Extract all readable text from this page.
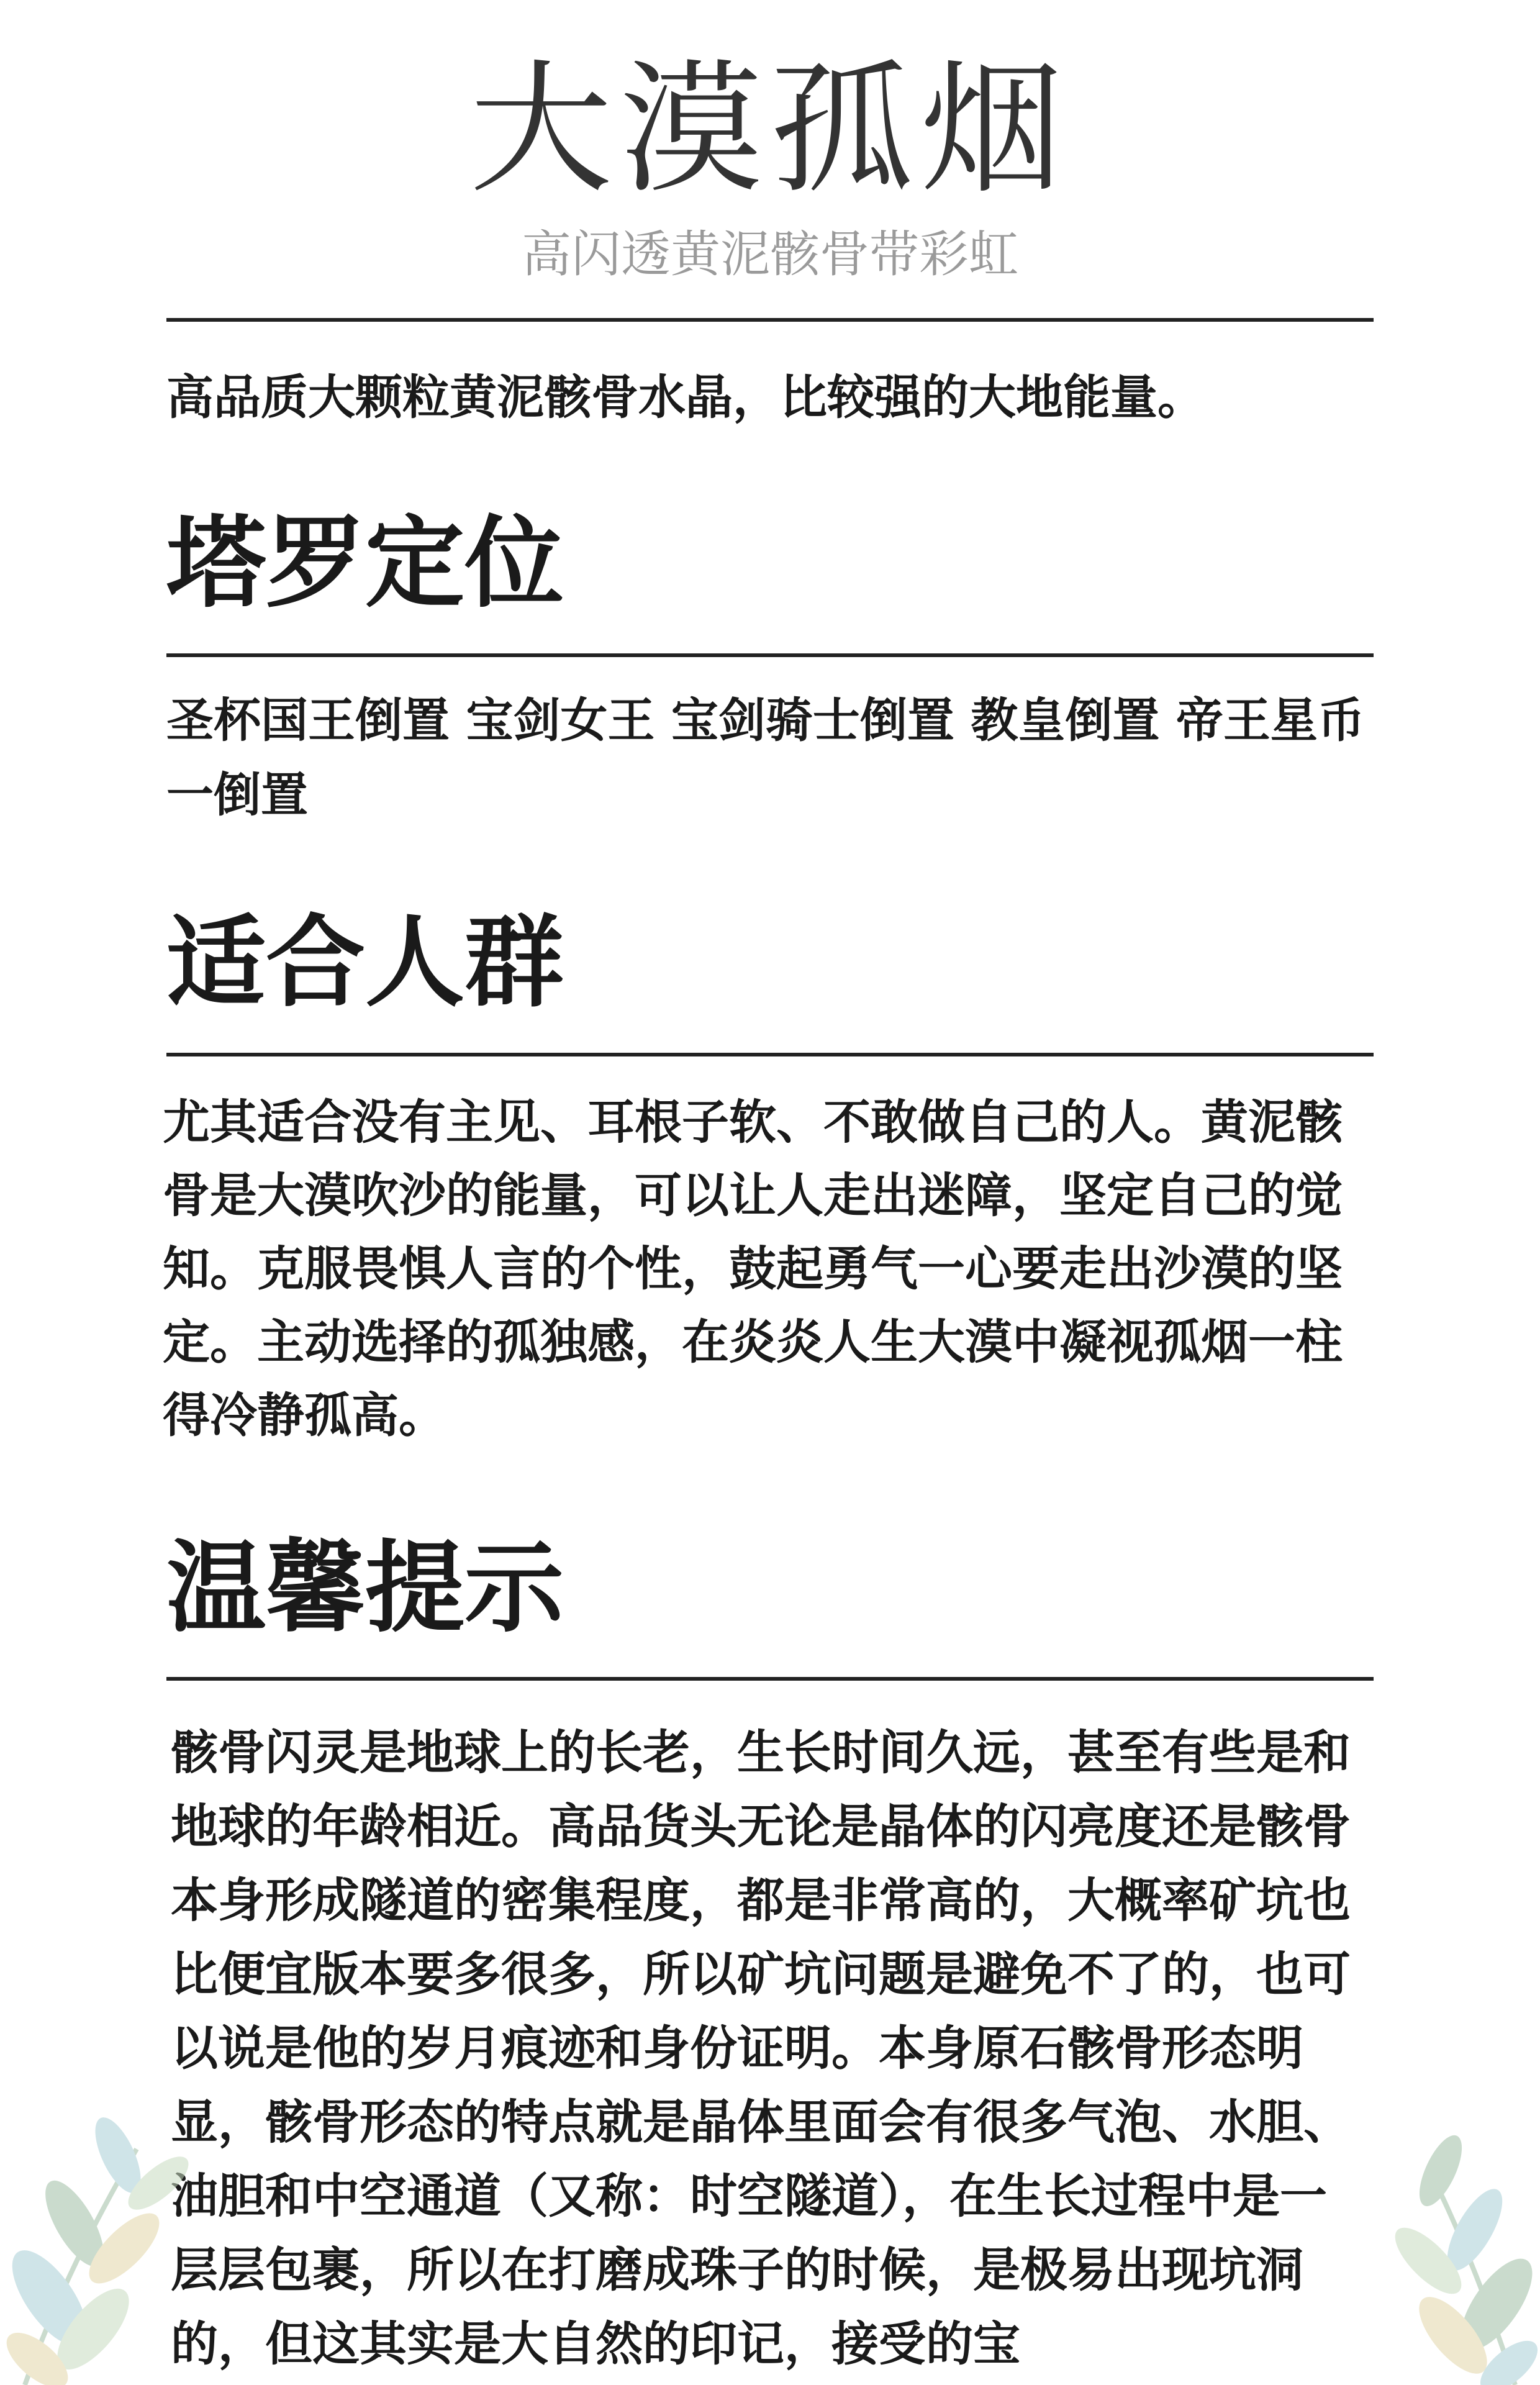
大漠孤烟

高闪透黄泥骸骨带彩虹

高品质大颗粒黄泥骸骨水晶，比较强的大地能量。

塔罗定位

圣杯国王倒置 宝剑女王 宝剑骑士倒置 教皇倒置 帝王星币一倒置

适合人群

尤其适合没有主见、耳根子软、不敢做自己的人。黄泥骸骨是大漠吹沙的能量，可以让人走出迷障，坚定自己的觉知。克服畏惧人言的个性，鼓起勇气一心要走出沙漠的坚定。主动选择的孤独感，在炎炎人生大漠中凝视孤烟一柱得冷静孤高。

温馨提示

骸骨闪灵是地球上的长老，生长时间久远，甚至有些是和地球的年龄相近。高品货头无论是晶体的闪亮度还是骸骨本身形成隧道的密集程度，都是非常高的，大概率矿坑也比便宜版本要多很多，所以矿坑问题是避免不了的，也可以说是他的岁月痕迹和身份证明。本身原石骸骨形态明显，骸骨形态的特点就是晶体里面会有很多气泡、水胆、油胆和中空通道（又称：时空隧道），在生长过程中是一层层包裹，所以在打磨成珠子的时候，是极易出现坑洞的，但这其实是大自然的印记，接受的宝
